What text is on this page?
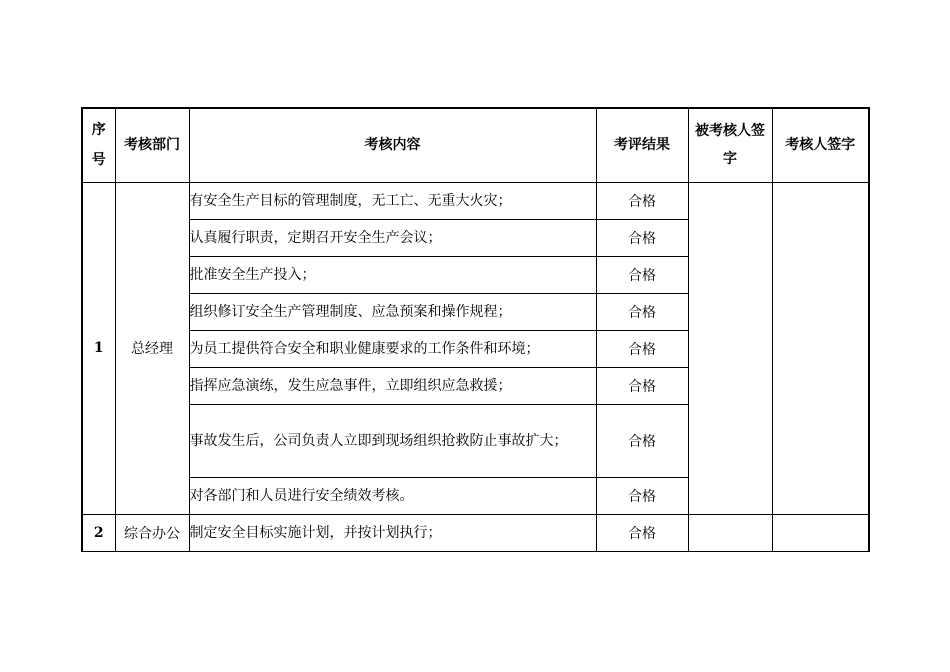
序号	考核部门	考核内容	考评结果	被考核人签字	考核人签字
1	总经理	有安全生产目标的管理制度，无工亡、无重大火灾；	合格		
		认真履行职责，定期召开安全生产会议；	合格		
		批准安全生产投入；	合格		
		组织修订安全生产管理制度、应急预案和操作规程；	合格		
		为员工提供符合安全和职业健康要求的工作条件和环境；	合格		
		指挥应急演练，发生应急事件，立即组织应急救援；	合格		
		事故发生后，公司负责人立即到现场组织抢救防止事故扩大；	合格		
		对各部门和人员进行安全绩效考核。	合格		
2	综合办公	制定安全目标实施计划，并按计划执行；	合格		
